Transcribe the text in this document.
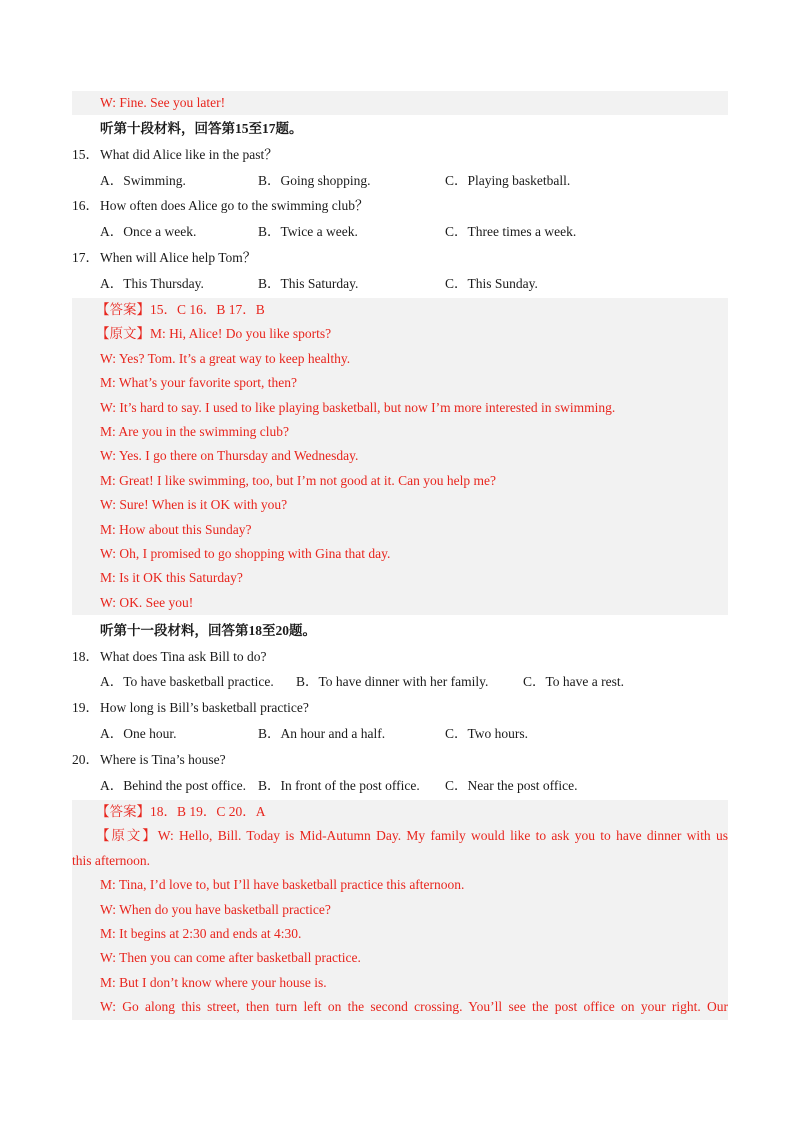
W: Fine. See you later!
听第十段材料，回答第15至17题。
15．What did Alice like in the past？
A．Swimming.	B．Going shopping.	C．Playing basketball.
16．How often does Alice go to the swimming club？
A．Once a week.	B．Twice a week.	C．Three times a week.
17．When will Alice help Tom？
A．This Thursday.	B．This Saturday.	C．This Sunday.
【答案】15．C 16．B 17．B
【原文】M: Hi, Alice! Do you like sports?
W: Yes? Tom. It’s a great way to keep healthy.
M: What’s your favorite sport, then?
W: It’s hard to say. I used to like playing basketball, but now I’m more interested in swimming.
M: Are you in the swimming club?
W: Yes. I go there on Thursday and Wednesday.
M: Great! I like swimming, too, but I’m not good at it. Can you help me?
W: Sure! When is it OK with you?
M: How about this Sunday?
W: Oh, I promised to go shopping with Gina that day.
M: Is it OK this Saturday?
W: OK. See you!
听第十一段材料，回答第18至20题。
18．What does Tina ask Bill to do?
A．To have basketball practice. B．To have dinner with her family.	C．To have a rest.
19．How long is Bill’s basketball practice?
A．One hour.	B．An hour and a half.	C．Two hours.
20．Where is Tina’s house?
A．Behind the post office. B．In front of the post office. C．Near the post office.
【答案】18．B 19．C 20．A
【原文】W: Hello, Bill. Today is Mid-Autumn Day. My family would like to ask you to have dinner with us
this afternoon.
M: Tina, I’d love to, but I’ll have basketball practice this afternoon.
W: When do you have basketball practice?
M: It begins at 2:30 and ends at 4:30.
W: Then you can come after basketball practice.
M: But I don’t know where your house is.
W: Go along this street, then turn left on the second crossing. You’ll see the post office on your right. Our
